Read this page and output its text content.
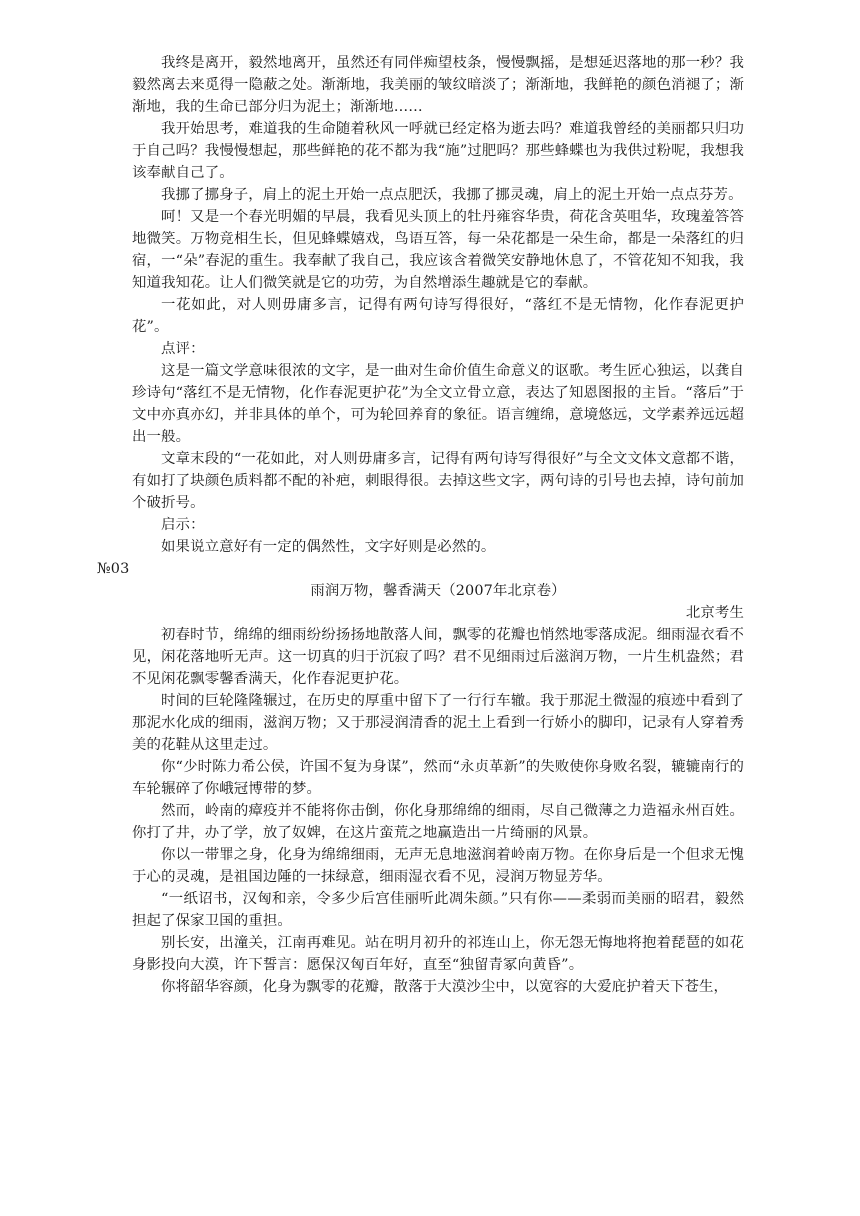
我终是离开，毅然地离开，虽然还有同伴痴望枝条，慢慢飘摇，是想延迟落地的那一秒？我毅然离去来觅得一隐蔽之处。渐渐地，我美丽的皱纹暗淡了；渐渐地，我鲜艳的颜色消褪了；渐渐地，我的生命已部分归为泥土；渐渐地……

我开始思考，难道我的生命随着秋风一呼就已经定格为逝去吗？难道我曾经的美丽都只归功于自己吗？我慢慢想起，那些鲜艳的花不都为我“施”过肥吗？那些蜂蝶也为我供过粉呢，我想我该奉献自己了。

我挪了挪身子，肩上的泥土开始一点点肥沃，我挪了挪灵魂，肩上的泥土开始一点点芬芳。

呵！又是一个春光明媚的早晨，我看见头顶上的牡丹雍容华贵，荷花含英咀华，玫瑰羞答答地微笑。万物竞相生长，但见蜂蝶嬉戏，鸟语互答，每一朵花都是一朵生命，都是一朵落红的归宿，一“朵”春泥的重生。我奉献了我自己，我应该含着微笑安静地休息了，不管花知不知我，我知道我知花。让人们微笑就是它的功劳，为自然增添生趣就是它的奉献。

一花如此，对人则毋庸多言，记得有两句诗写得很好，“落红不是无情物，化作春泥更护花”。

点评：

这是一篇文学意味很浓的文字，是一曲对生命价值生命意义的讴歌。考生匠心独运，以龚自珍诗句“落红不是无情物，化作春泥更护花”为全文立骨立意，表达了知恩图报的主旨。“落后”于文中亦真亦幻，并非具体的单个，可为轮回养育的象征。语言缠绵，意境悠远，文学素养远远超出一般。

文章末段的“一花如此，对人则毋庸多言，记得有两句诗写得很好”与全文文体文意都不谐，有如打了块颜色质料都不配的补疤，刺眼得很。去掉这些文字，两句诗的引号也去掉，诗句前加个破折号。

启示：

如果说立意好有一定的偶然性，文字好则是必然的。

№03

雨润万物，馨香满天（2007年北京卷）

北京考生

初春时节，绵绵的细雨纷纷扬扬地散落人间，飘零的花瓣也悄然地零落成泥。细雨湿衣看不见，闲花落地听无声。这一切真的归于沉寂了吗？君不见细雨过后滋润万物，一片生机盎然；君不见闲花飘零馨香满天，化作春泥更护花。

时间的巨轮隆隆辗过，在历史的厚重中留下了一行行车辙。我于那泥土微湿的痕迹中看到了那泥水化成的细雨，滋润万物；又于那浸润清香的泥土上看到一行娇小的脚印，记录有人穿着秀美的花鞋从这里走过。

你“少时陈力希公侯，许国不复为身谋”，然而“永贞革新”的失败使你身败名裂，辘辘南行的车轮辗碎了你峨冠博带的梦。

然而，岭南的瘴疫并不能将你击倒，你化身那绵绵的细雨，尽自己微薄之力造福永州百姓。你打了井，办了学，放了奴婢，在这片蛮荒之地赢造出一片绮丽的风景。

你以一带罪之身，化身为绵绵细雨，无声无息地滋润着岭南万物。在你身后是一个但求无愧于心的灵魂，是祖国边陲的一抹绿意，细雨湿衣看不见，浸润万物显芳华。

“一纸诏书，汉匈和亲，令多少后宫佳丽听此凋朱颜。”只有你——柔弱而美丽的昭君，毅然担起了保家卫国的重担。

别长安，出潼关，江南再难见。站在明月初升的祁连山上，你无怨无悔地将抱着琵琶的如花身影投向大漠，许下誓言：愿保汉匈百年好，直至“独留青冢向黄昏”。

你将韶华容颜，化身为飘零的花瓣，散落于大漠沙尘中，以宽容的大爱庇护着天下苍生，
